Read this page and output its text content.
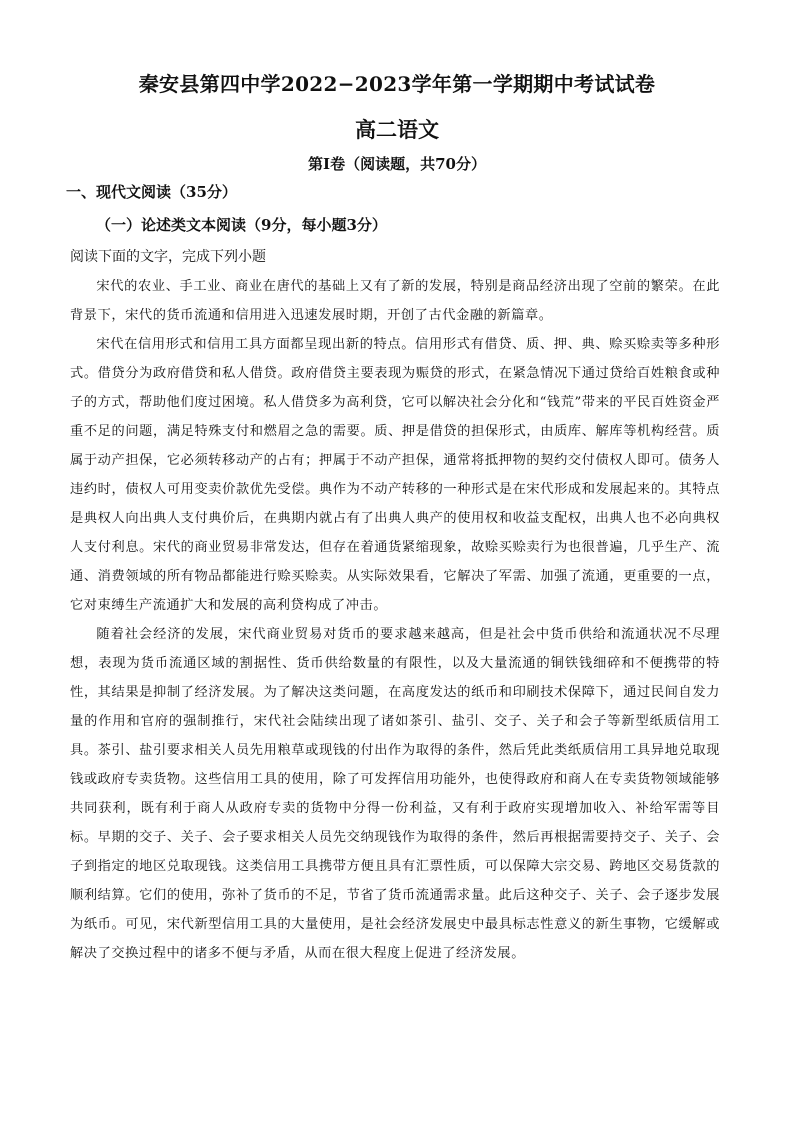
秦安县第四中学2022−2023学年第一学期期中考试试卷
高二语文
第Ⅰ卷（阅读题，共70分）

一、现代文阅读（35分）

（一）论述类文本阅读（9分，每小题3分）

阅读下面的文字，完成下列小题

宋代的农业、手工业、商业在唐代的基础上又有了新的发展，特别是商品经济出现了空前的繁荣。在此背景下，宋代的货币流通和信用进入迅速发展时期，开创了古代金融的新篇章。

宋代在信用形式和信用工具方面都呈现出新的特点。信用形式有借贷、质、押、典、赊买赊卖等多种形式。借贷分为政府借贷和私人借贷。政府借贷主要表现为赈贷的形式，在紧急情况下通过贷给百姓粮食或种子的方式，帮助他们度过困境。私人借贷多为高利贷，它可以解决社会分化和“钱荒”带来的平民百姓资金严重不足的问题，满足特殊支付和燃眉之急的需要。质、押是借贷的担保形式，由质库、解库等机构经营。质属于动产担保，它必须转移动产的占有；押属于不动产担保，通常将抵押物的契约交付债权人即可。债务人违约时，债权人可用变卖价款优先受偿。典作为不动产转移的一种形式是在宋代形成和发展起来的。其特点是典权人向出典人支付典价后，在典期内就占有了出典人典产的使用权和收益支配权，出典人也不必向典权人支付利息。宋代的商业贸易非常发达，但存在着通货紧缩现象，故赊买赊卖行为也很普遍，几乎生产、流通、消费领域的所有物品都能进行赊买赊卖。从实际效果看，它解决了军需、加强了流通，更重要的一点，它对束缚生产流通扩大和发展的高利贷构成了冲击。

随着社会经济的发展，宋代商业贸易对货币的要求越来越高，但是社会中货币供给和流通状况不尽理想，表现为货币流通区域的割据性、货币供给数量的有限性，以及大量流通的铜铁钱细碎和不便携带的特性，其结果是抑制了经济发展。为了解决这类问题，在高度发达的纸币和印刷技术保障下，通过民间自发力量的作用和官府的强制推行，宋代社会陆续出现了诸如茶引、盐引、交子、关子和会子等新型纸质信用工具。茶引、盐引要求相关人员先用粮草或现钱的付出作为取得的条件，然后凭此类纸质信用工具异地兑取现钱或政府专卖货物。这些信用工具的使用，除了可发挥信用功能外，也使得政府和商人在专卖货物领域能够共同获利，既有利于商人从政府专卖的货物中分得一份利益，又有利于政府实现增加收入、补给军需等目标。早期的交子、关子、会子要求相关人员先交纳现钱作为取得的条件，然后再根据需要持交子、关子、会子到指定的地区兑取现钱。这类信用工具携带方便且具有汇票性质，可以保障大宗交易、跨地区交易货款的顺利结算。它们的使用，弥补了货币的不足，节省了货币流通需求量。此后这种交子、关子、会子逐步发展为纸币。可见，宋代新型信用工具的大量使用，是社会经济发展史中最具标志性意义的新生事物，它缓解或解决了交换过程中的诸多不便与矛盾，从而在很大程度上促进了经济发展。
